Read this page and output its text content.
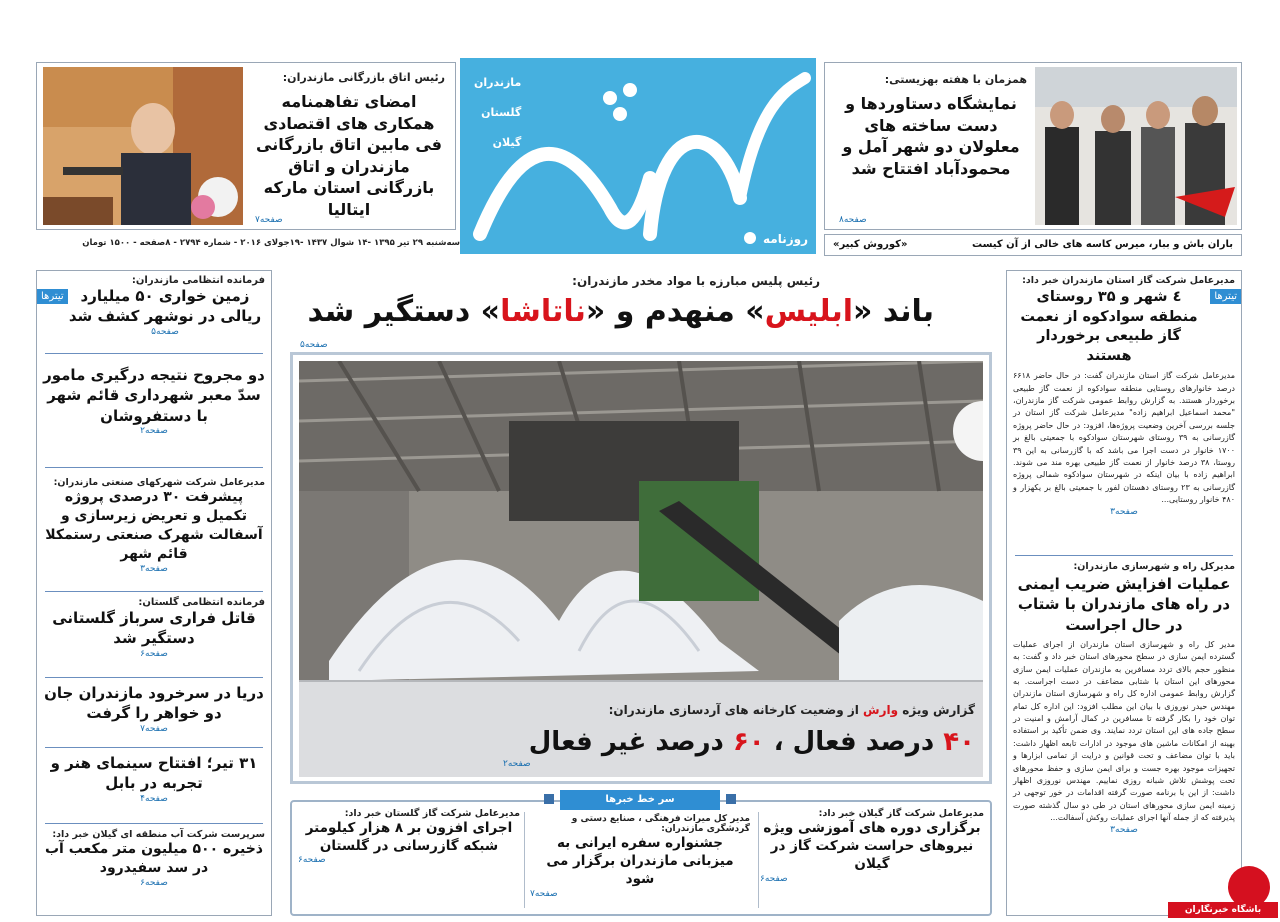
مازندران
گلستان
گیلان
روزنامه
سه‌شنبه ۲۹ تیر ۱۳۹۵ -۱۴ شوال ۱۴۳۷ -۱۹جولای ۲۰۱۶ - شماره ۲۷۹۴ - ۸صفحه - ۱۵۰۰ تومان	باران باش و ببار، میرس کاسه های خالی از آن کیست
«کوروش کبیر»
رئیس اتاق بازرگانی مازندران:
امضای تفاهمنامه همکاری های اقتصادی فی مابین اتاق بازرگانی مازندران و اتاق بازرگانی استان مارکه ایتالیا
صفحه۷
همزمان با هفته بهزیستی:
نمایشگاه دستاوردها و دست ساخته های معلولان دو شهر آمل و محمودآباد افتتاح شد
صفحه۸
تیترها
فرمانده انتظامی مازندران:
زمین خواری ۵۰ میلیارد ریالی در نوشهر کشف شد
صفحه۵
دو مجروح نتیجه درگیری مامور سدّ معبر شهرداری قائم شهر با دستفروشان
صفحه۲
مدیرعامل شرکت شهرکهای صنعتی مازندران:
پیشرفت ۳۰ درصدی پروژه تکمیل و تعریض زیرسازی و آسفالت شهرک صنعتی رستمکلا قائم شهر
صفحه۳
فرمانده انتظامی گلستان:
قاتل فراری سرباز گلستانی دستگیر شد
صفحه۶
دریا در سرخرود مازندران جان دو خواهر را گرفت
صفحه۷
۳۱ تیر؛ افتتاح سینمای هنر و تجربه در بابل
صفحه۴
سرپرست شرکت آب منطقه ای گیلان خبر داد:
ذخیره ۵۰۰ میلیون متر مکعب آب در سد سفیدرود
صفحه۶
رئیس پلیس مبارزه با مواد مخدر مازندران:
باند «ابلیس» منهدم و «ناتاشا» دستگیر شد
صفحه۵
گزارش ویژه وارش از وضعیت کارخانه های آردسازی مازندران:
۴۰ درصد فعال ، ۶۰ درصد غیر فعال
صفحه۲
تیترها
مدیرعامل شرکت گاز استان مازندران خبر داد:
٤ شهر و ۳۵ روستای منطقه سوادکوه از نعمت گاز طبیعی برخوردار هستند
مدیرعامل شرکت گاز استان مازندران گفت: در حال حاضر ۶۶۱۸ درصد خانوارهای روستایی منطقه سوادکوه از نعمت گاز طبیعی برخوردار هستند. به گزارش روابط عمومی شرکت گاز مازندران، "محمد اسماعیل ابراهیم زاده" مدیرعامل شرکت گاز استان در جلسه بررسی آخرین وضعیت پروژه‌ها، افزود: در حال حاضر پروژه گازرسانی به ۳۹ روستای شهرستان سوادکوه با جمعیتی بالغ بر ۱۷۰۰ خانوار در دست اجرا می باشد که با گازرسانی به این ۳۹ روستا، ۳۸ درصد خانوار از نعمت گاز طبیعی بهره مند می شوند. ابراهیم زاده با بیان اینکه در شهرستان سوادکوه شمالی پروژه گازرسانی به ۲۳ روستای دهستان لفور با جمعیتی بالغ بر یکهزار و ۴۸۰ خانوار روستایی...
صفحه۳
مدیرکل راه و شهرسازی مازندران:
عملیات افزایش ضریب ایمنی در راه های مازندران با شتاب در حال اجراست
مدیر کل راه و شهرسازی استان مازندران از اجرای عملیات گسترده ایمن سازی در سطح محورهای استان خبر داد و گفت: به منظور حجم بالای تردد مسافرین به مازندران عملیات ایمن سازی محورهای این استان با شتابی مضاعف در دست اجراست. به گزارش روابط عمومی اداره کل راه و شهرسازی استان مازندران مهندس حیدر نوروزی با بیان این مطلب افزود: این اداره کل تمام توان خود را بکار گرفته تا مسافرین در کمال آرامش و امنیت در سطح جاده های این استان تردد نمایند. وی ضمن تأکید بر استفاده بهینه از امکانات ماشین های موجود در ادارات تابعه اظهار داشت: باید با توان مضاعف و تحت قوانین و درایت از تمامی ابزارها و تجهیزات موجود بهره جست و برای ایمن سازی و حفظ محورهای تحت پوشش تلاش شبانه روزی نماییم. مهندس نوروزی اظهار داشت: از این با برنامه صورت گرفته اقدامات در خور توجهی در زمینه ایمن سازی محورهای استان در طی دو سال گذشته صورت پذیرفته که از جمله آنها اجرای عملیات روکش آسفالت...
صفحه۳
سر خط خبرها
مدیرعامل شرکت گاز گیلان خبر داد:
برگزاری دوره های آموزشی ویژه نیروهای حراست شرکت گاز در گیلان
صفحه۶
مدیر کل میراث فرهنگی ، صنایع دستی و گردشگری مازندران:
جشنواره سفره ایرانی به میزبانی مازندران برگزار می شود
صفحه۷
مدیرعامل شرکت گاز گلستان خبر داد:
اجرای افزون بر ۸ هزار کیلومتر شبکه گازرسانی در گلستان
صفحه۶
باشگاه خبرنگاران
